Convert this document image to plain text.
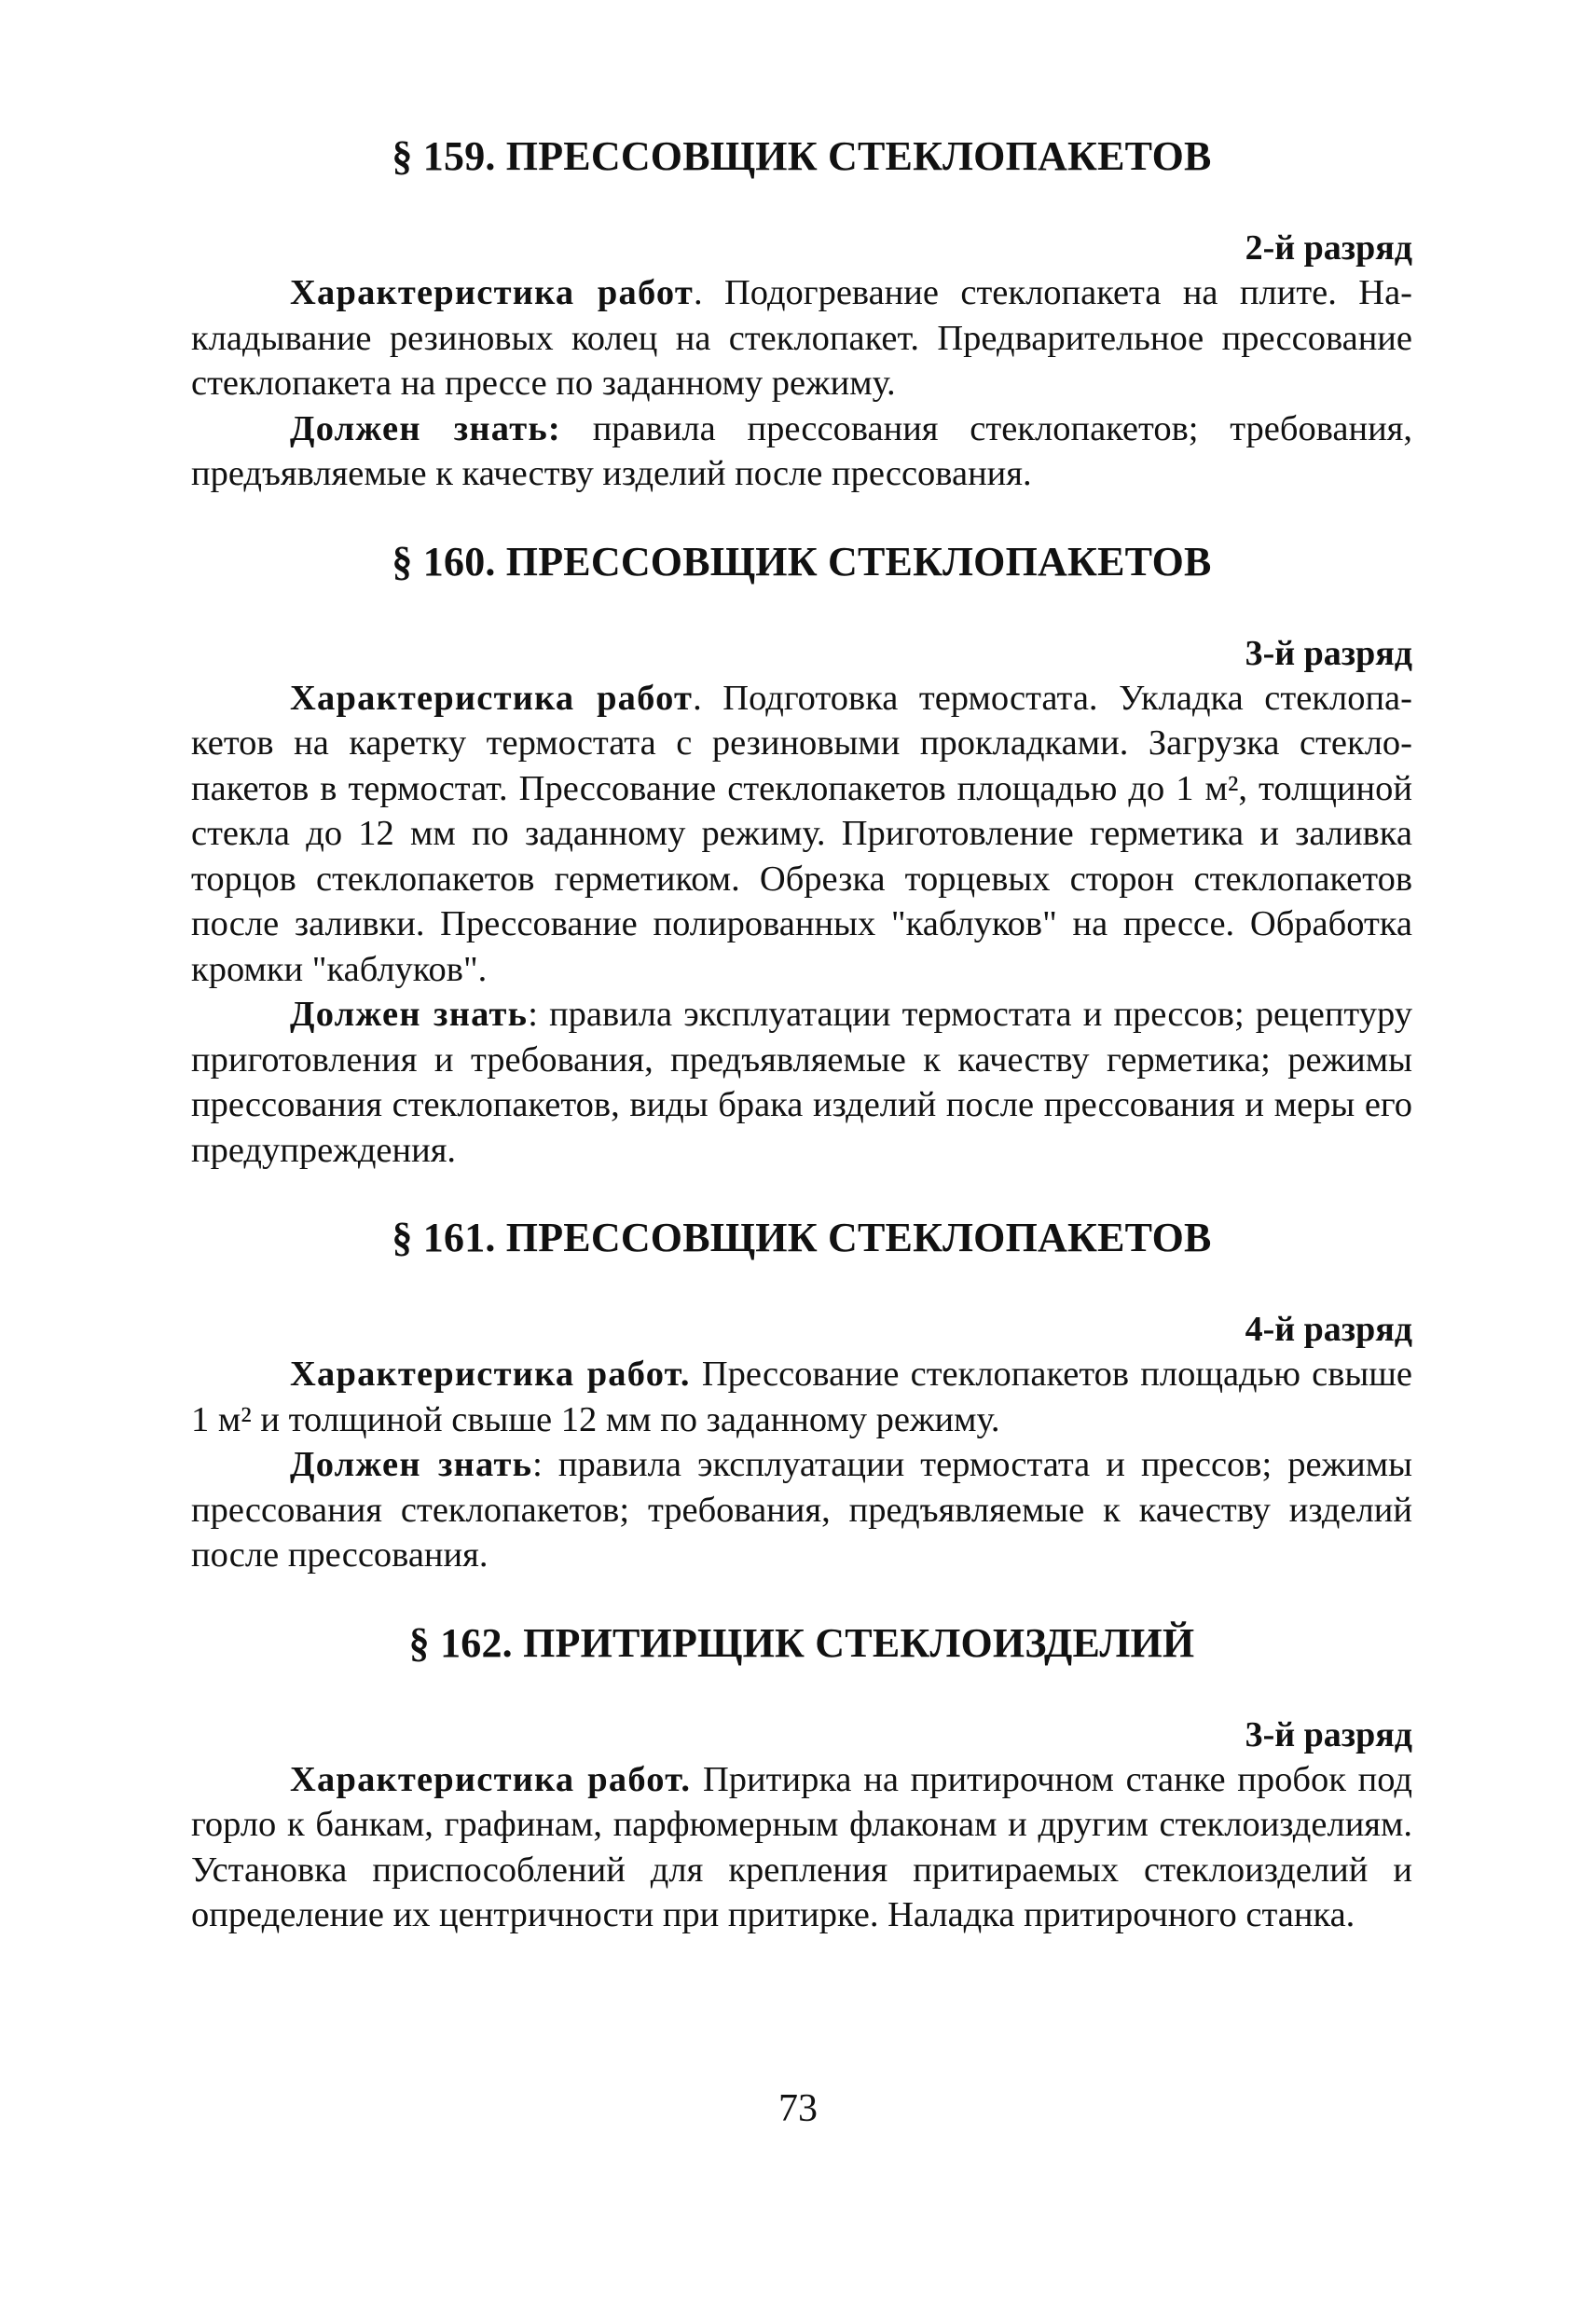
§ 159. ПРЕССОВЩИК СТЕКЛОПАКЕТОВ

2-й разряд

Характеристика работ. Подогревание стеклопакета на плите. Накладывание резиновых колец на стеклопакет. Предварительное прессование стеклопакета на прессе по заданному режиму.

Должен знать: правила прессования стеклопакетов; требования, предъявляемые к качеству изделий после прессования.

§ 160. ПРЕССОВЩИК СТЕКЛОПАКЕТОВ

3-й разряд

Характеристика работ. Подготовка термостата. Укладка стеклопакетов на каретку термостата с резиновыми прокладками. Загрузка стеклопакетов в термостат. Прессование стеклопакетов площадью до 1 м², толщиной стекла до 12 мм по заданному режиму. Приготовление герметика и заливка торцов стеклопакетов герметиком. Обрезка торцевых сторон стеклопакетов после заливки. Прессование полированных "каблуков" на прессе. Обработка кромки "каблуков".

Должен знать: правила эксплуатации термостата и прессов; рецептуру приготовления и требования, предъявляемые к качеству герметика; режимы прессования стеклопакетов, виды брака изделий после прессования и меры его предупреждения.

§ 161. ПРЕССОВЩИК СТЕКЛОПАКЕТОВ

4-й разряд

Характеристика работ. Прессование стеклопакетов площадью свыше 1 м² и толщиной свыше 12 мм по заданному режиму.

Должен знать: правила эксплуатации термостата и прессов; режимы прессования стеклопакетов; требования, предъявляемые к качеству изделий после прессования.

§ 162. ПРИТИРЩИК СТЕКЛОИЗДЕЛИЙ

3-й разряд

Характеристика работ. Притирка на притирочном станке пробок под горло к банкам, графинам, парфюмерным флаконам и другим стеклоизделиям. Установка приспособлений для крепления притираемых стеклоизделий и определение их центричности при притирке. Наладка притирочного станка.

73
